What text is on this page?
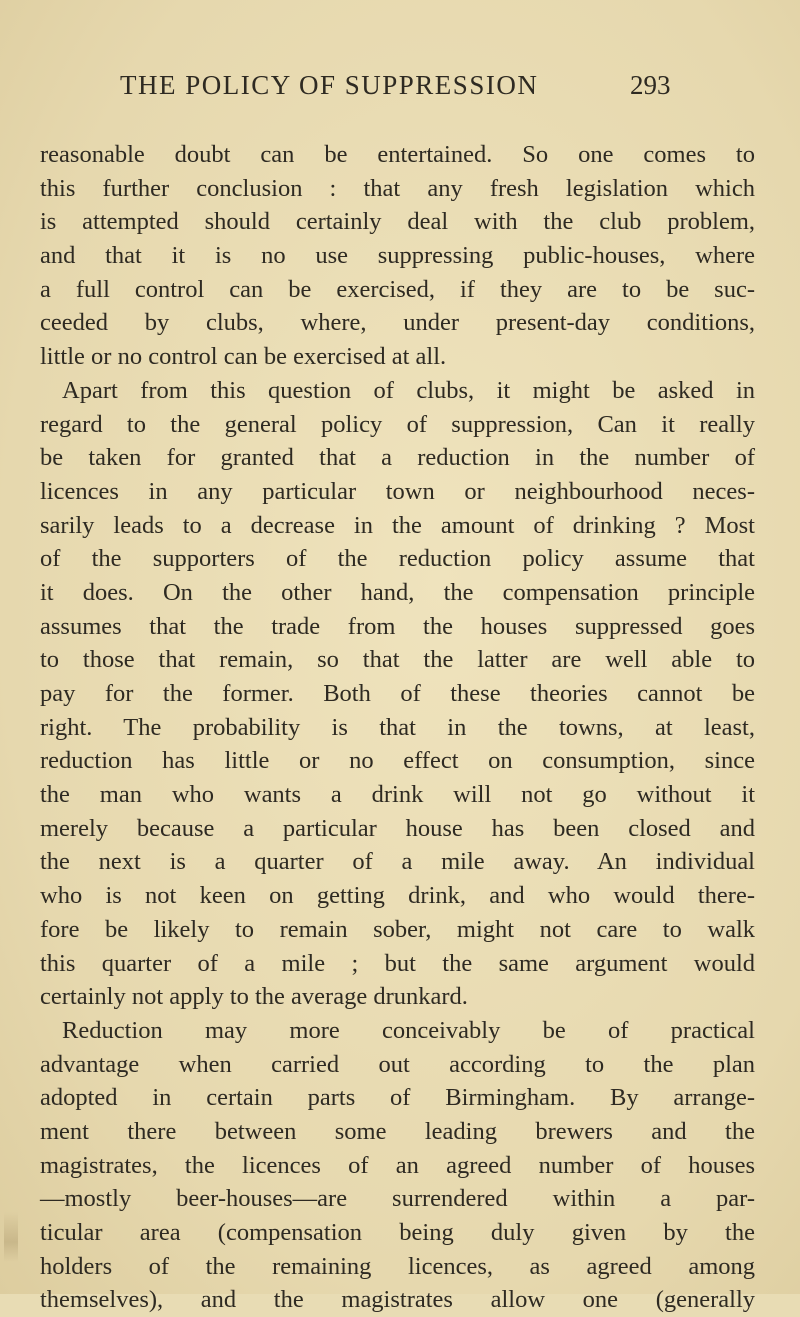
THE POLICY OF SUPPRESSION	293
reasonable doubt can be entertained. So one comes to
this further conclusion : that any fresh legislation which
is attempted should certainly deal with the club problem,
and that it is no use suppressing public-houses, where
a full control can be exercised, if they are to be suc-
ceeded by clubs, where, under present-day conditions,
little or no control can be exercised at all.
Apart from this question of clubs, it might be asked in
regard to the general policy of suppression, Can it really
be taken for granted that a reduction in the number of
licences in any particular town or neighbourhood neces-
sarily leads to a decrease in the amount of drinking ? Most
of the supporters of the reduction policy assume that
it does. On the other hand, the compensation principle
assumes that the trade from the houses suppressed goes
to those that remain, so that the latter are well able to
pay for the former. Both of these theories cannot be
right. The probability is that in the towns, at least,
reduction has little or no effect on consumption, since
the man who wants a drink will not go without it
merely because a particular house has been closed and
the next is a quarter of a mile away. An individual
who is not keen on getting drink, and who would there-
fore be likely to remain sober, might not care to walk
this quarter of a mile ; but the same argument would
certainly not apply to the average drunkard.
Reduction may more conceivably be of practical
advantage when carried out according to the plan
adopted in certain parts of Birmingham. By arrange-
ment there between some leading brewers and the
magistrates, the licences of an agreed number of houses
—mostly beer-houses—are surrendered within a par-
ticular area (compensation being duly given by the
holders of the remaining licences, as agreed among
themselves), and the magistrates allow one (generally
